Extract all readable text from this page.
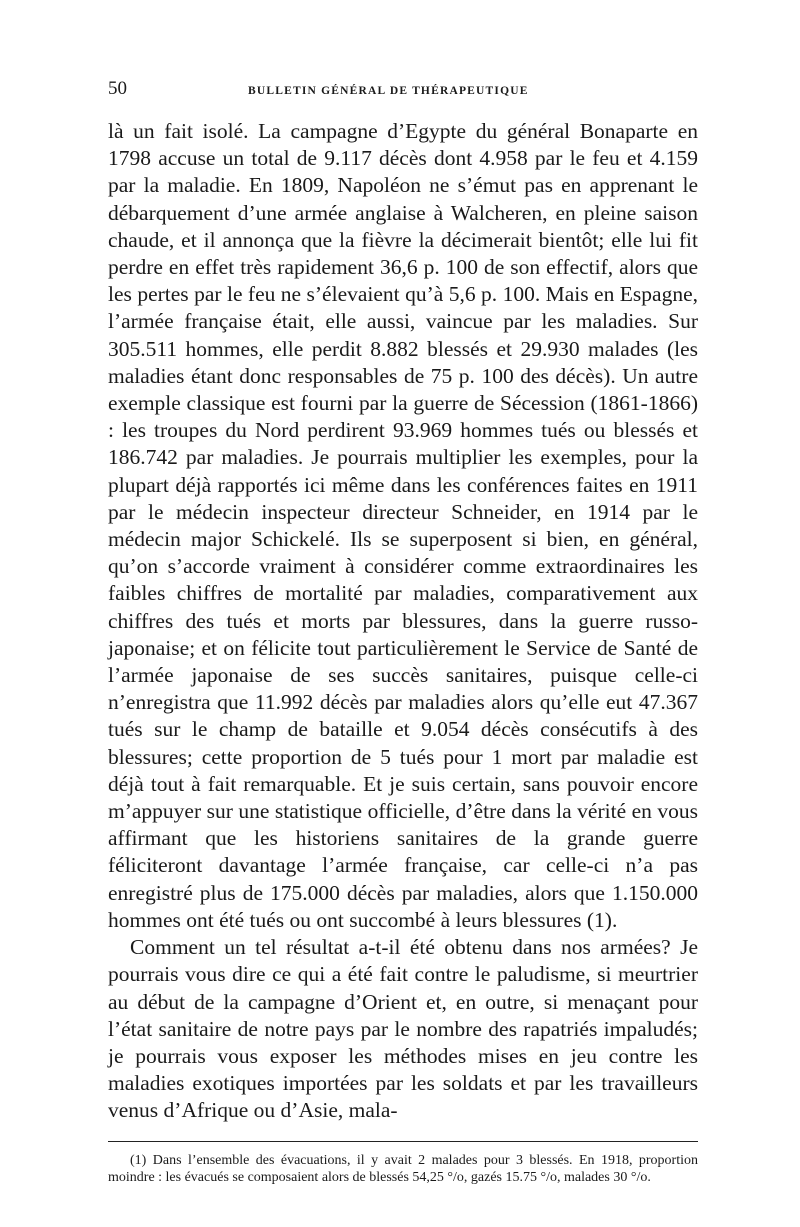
50	BULLETIN GÉNÉRAL DE THÉRAPEUTIQUE

là un fait isolé. La campagne d’Egypte du général Bonaparte en 1798 accuse un total de 9.117 décès dont 4.958 par le feu et 4.159 par la maladie. En 1809, Napoléon ne s’émut pas en apprenant le débarquement d’une armée anglaise à Walcheren, en pleine saison chaude, et il annonça que la fièvre la décimerait bientôt; elle lui fit perdre en effet très rapidement 36,6 p. 100 de son effectif, alors que les pertes par le feu ne s’élevaient qu’à 5,6 p. 100. Mais en Espagne, l’armée française était, elle aussi, vaincue par les maladies. Sur 305.511 hommes, elle perdit 8.882 blessés et 29.930 malades (les maladies étant donc responsables de 75 p. 100 des décès). Un autre exemple classique est fourni par la guerre de Sécession (1861-1866) : les troupes du Nord perdirent 93.969 hommes tués ou blessés et 186.742 par maladies. Je pourrais multiplier les exemples, pour la plupart déjà rapportés ici même dans les conférences faites en 1911 par le médecin inspecteur directeur Schneider, en 1914 par le médecin major Schickelé. Ils se superposent si bien, en général, qu’on s’accorde vraiment à considérer comme extraordinaires les faibles chiffres de mortalité par maladies, comparativement aux chiffres des tués et morts par blessures, dans la guerre russo-japonaise; et on félicite tout particulièrement le Service de Santé de l’armée japonaise de ses succès sanitaires, puisque celle-ci n’enregistra que 11.992 décès par maladies alors qu’elle eut 47.367 tués sur le champ de bataille et 9.054 décès consécutifs à des blessures; cette proportion de 5 tués pour 1 mort par maladie est déjà tout à fait remarquable. Et je suis certain, sans pouvoir encore m’appuyer sur une statistique officielle, d’être dans la vérité en vous affirmant que les historiens sanitaires de la grande guerre féliciteront davantage l’armée française, car celle-ci n’a pas enregistré plus de 175.000 décès par maladies, alors que 1.150.000 hommes ont été tués ou ont succombé à leurs blessures (1).

Comment un tel résultat a-t-il été obtenu dans nos armées? Je pourrais vous dire ce qui a été fait contre le paludisme, si meurtrier au début de la campagne d’Orient et, en outre, si menaçant pour l’état sanitaire de notre pays par le nombre des rapatriés impaludés; je pourrais vous exposer les méthodes mises en jeu contre les maladies exotiques importées par les soldats et par les travailleurs venus d’Afrique ou d’Asie, mala-

(1) Dans l’ensemble des évacuations, il y avait 2 malades pour 3 blessés. En 1918, proportion moindre : les évacués se composaient alors de blessés 54,25 °/o, gazés 15.75 °/o, malades 30 °/o.
